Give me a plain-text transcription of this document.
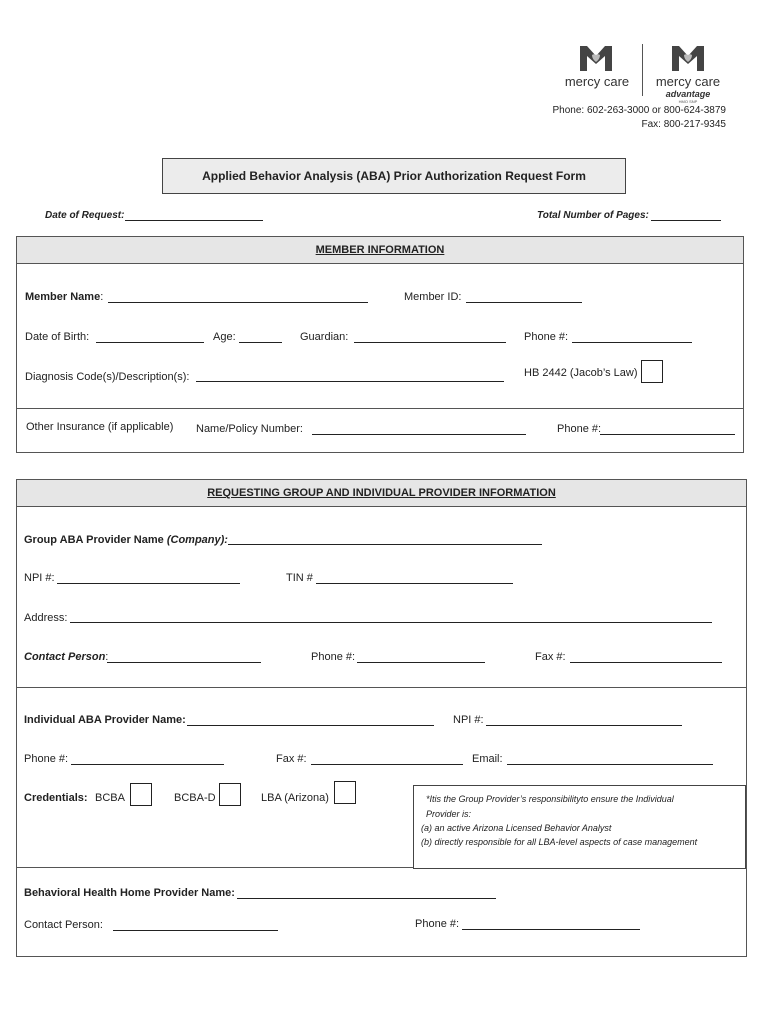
mercy care	mercy care
advantage
HMO SNP
Phone: 602-263-3000 or 800-624-3879
Fax: 800-217-9345
Applied Behavior Analysis (ABA) Prior Authorization Request Form
Date of Request:	Total Number of Pages:
MEMBER INFORMATION
Member Name:	Member ID:
Date of Birth:	Age:	Guardian:	Phone #:
Diagnosis Code(s)/Description(s):	HB 2442 (Jacob’s Law)
Other Insurance (if applicable) Name/Policy Number:	Phone #:
REQUESTING GROUP AND INDIVIDUAL PROVIDER INFORMATION
Group ABA Provider Name (Company):
NPI #:	TIN #
Address:
Contact Person:	Phone #:	Fax #:
Individual ABA Provider Name:	NPI #:
Phone #:	Fax #:	Email:
Credentials: BCBA	BCBA-D	LBA (Arizona)	*Itis the Group Provider’s responsibilityto ensure the Individual
Provider is:
(a) an active Arizona Licensed Behavior Analyst
(b) directly responsible for all LBA-level aspects of case management
Behavioral Health Home Provider Name:
Contact Person:	Phone #:
